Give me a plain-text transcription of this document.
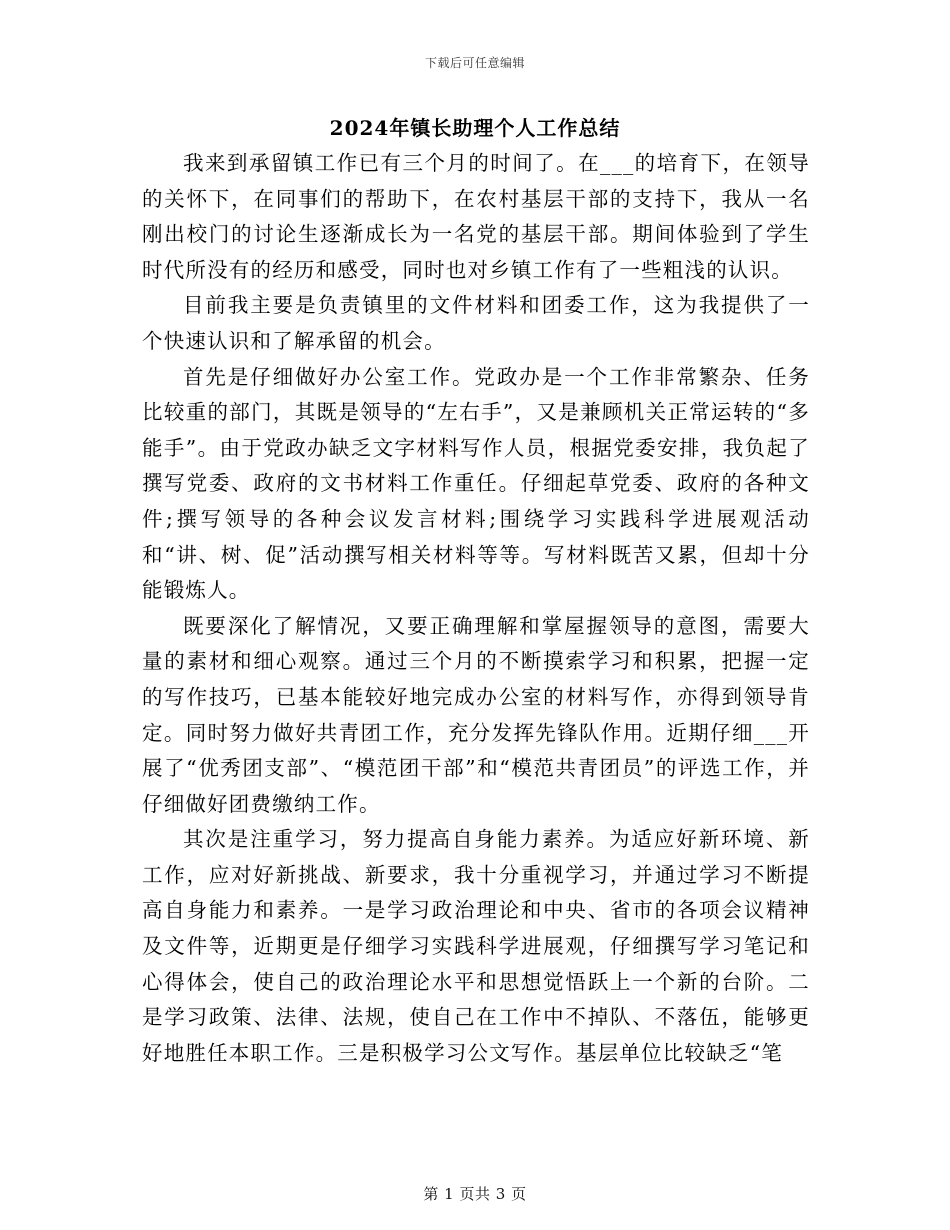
下载后可任意编辑
2024年镇长助理个人工作总结

我来到承留镇工作已有三个月的时间了。在___的培育下，在领导的关怀下，在同事们的帮助下，在农村基层干部的支持下，我从一名刚出校门的讨论生逐渐成长为一名党的基层干部。期间体验到了学生时代所没有的经历和感受，同时也对乡镇工作有了一些粗浅的认识。

目前我主要是负责镇里的文件材料和团委工作，这为我提供了一个快速认识和了解承留的机会。

首先是仔细做好办公室工作。党政办是一个工作非常繁杂、任务比较重的部门，其既是领导的“左右手”，又是兼顾机关正常运转的“多能手”。由于党政办缺乏文字材料写作人员，根据党委安排，我负起了撰写党委、政府的文书材料工作重任。仔细起草党委、政府的各种文件;撰写领导的各种会议发言材料;围绕学习实践科学进展观活动和“讲、树、促”活动撰写相关材料等等。写材料既苦又累，但却十分能锻炼人。

既要深化了解情况，又要正确理解和掌屋握领导的意图，需要大量的素材和细心观察。通过三个月的不断摸索学习和积累，把握一定的写作技巧，已基本能较好地完成办公室的材料写作，亦得到领导肯定。同时努力做好共青团工作，充分发挥先锋队作用。近期仔细___开展了“优秀团支部”、“模范团干部”和“模范共青团员”的评选工作，并仔细做好团费缴纳工作。

其次是注重学习，努力提高自身能力素养。为适应好新环境、新工作，应对好新挑战、新要求，我十分重视学习，并通过学习不断提高自身能力和素养。一是学习政治理论和中央、省市的各项会议精神及文件等，近期更是仔细学习实践科学进展观，仔细撰写学习笔记和心得体会，使自己的政治理论水平和思想觉悟跃上一个新的台阶。二是学习政策、法律、法规，使自己在工作中不掉队、不落伍，能够更好地胜任本职工作。三是积极学习公文写作。基层单位比较缺乏“笔

第 1 页共 3 页
